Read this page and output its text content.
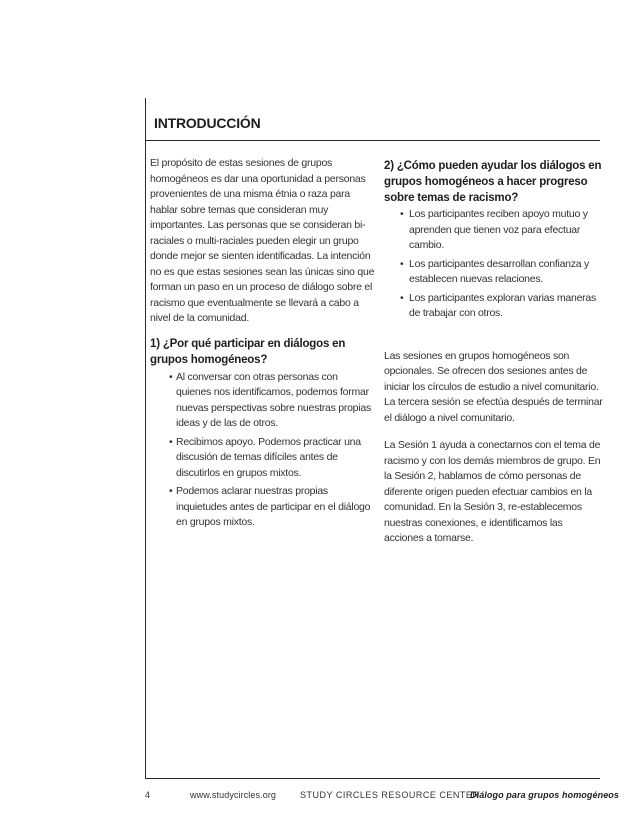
INTRODUCCIÓN

El propósito de estas sesiones de grupos homogéneos es dar una oportunidad a personas provenientes de una misma étnia o raza para hablar sobre temas que consideran muy importantes. Las personas que se consideran bi-raciales o multi-raciales pueden elegir un grupo donde mejor se sienten identificadas. La intención no es que estas sesiones sean las únicas sino que forman un paso en un proceso de diálogo sobre el racismo que eventualmente se llevará a cabo a nivel de la comunidad.

1) ¿Por qué participar en diálogos en grupos homogéneos?
• Al conversar con otras personas con quienes nos identificamos, podemos formar nuevas perspectivas sobre nuestras propias ideas y de las de otros.
• Recibimos apoyo. Podemos practicar una discusión de temas difíciles antes de discutirlos en grupos mixtos.
• Podemos aclarar nuestras propias inquietudes antes de participar en el diálogo en grupos mixtos.
2) ¿Cómo pueden ayudar los diálogos en grupos homogéneos a hacer progreso sobre temas de racismo?
• Los participantes reciben apoyo mutuo y aprenden que tienen voz para efectuar cambio.
• Los participantes desarrollan confianza y establecen nuevas relaciones.
• Los participantes exploran varias maneras de trabajar con otros.

Las sesiones en grupos homogéneos son opcionales. Se ofrecen dos sesiones antes de iniciar los círculos de estudio a nivel comunitario. La tercera sesión se efectúa después de terminar el diálogo a nivel comunitario.

La Sesión 1 ayuda a conectarnos con el tema de racismo y con los demás miembros de grupo. En la Sesión 2, hablamos de cómo personas de diferente origen pueden efectuar cambios en la comunidad. En la Sesión 3, re-establecemos nuestras conexiones, e identificamos las acciones a tomarse.

4	www.studycircles.org	STUDY CIRCLES RESOURCE CENTER
Diálogo para grupos homogéneos
